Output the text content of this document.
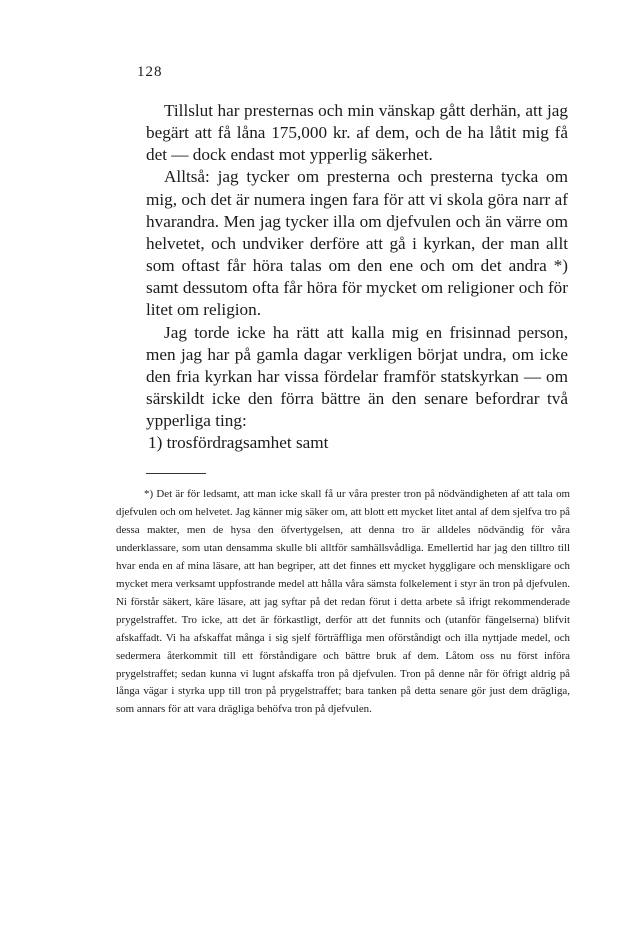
128

Tillslut har presternas och min vänskap gått derhän, att jag begärt att få låna 175,000 kr. af dem, och de ha låtit mig få det — dock endast mot ypperlig säkerhet.

Alltså: jag tycker om presterna och presterna tycka om mig, och det är numera ingen fara för att vi skola göra narr af hvarandra. Men jag tycker illa om djefvulen och än värre om helvetet, och undviker derföre att gå i kyrkan, der man allt som oftast får höra talas om den ene och om det andra *) samt dessutom ofta får höra för mycket om religioner och för litet om religion.

Jag torde icke ha rätt att kalla mig en frisinnad person, men jag har på gamla dagar verkligen börjat undra, om icke den fria kyrkan har vissa fördelar framför statskyrkan — om särskildt icke den förra bättre än den senare befordrar två ypperliga ting:

1) trosfördragsamhet samt

*) Det är för ledsamt, att man icke skall få ur våra prester tron på nödvändigheten af att tala om djefvulen och om helvetet. Jag känner mig säker om, att blott ett mycket litet antal af dem sjelfva tro på dessa makter, men de hysa den öfvertygelsen, att denna tro är alldeles nödvändig för våra underklassare, som utan densamma skulle bli alltför samhällsvådliga. Emellertid har jag den tilltro till hvar enda en af mina läsare, att han begriper, att det finnes ett mycket hyggligare och menskligare och mycket mera verksamt uppfostrande medel att hålla våra sämsta folkelement i styr än tron på djefvulen. Ni förstår säkert, käre läsare, att jag syftar på det redan förut i detta arbete så ifrigt rekommenderade prygelstraffet. Tro icke, att det är förkastligt, derför att det funnits och (utanför fängelserna) blifvit afskaffadt. Vi ha afskaffat många i sig sjelf förträffliga men oförståndigt och illa nyttjade medel, och sedermera återkommit till ett förståndigare och bättre bruk af dem. Låtom oss nu först införa prygelstraffet; sedan kunna vi lugnt afskaffa tron på djefvulen. Tron på denne når för öfrigt aldrig på långa vägar i styrka upp till tron på prygelstraffet; bara tanken på detta senare gör just dem drägliga, som annars för att vara drägliga behöfva tron på djefvulen.
